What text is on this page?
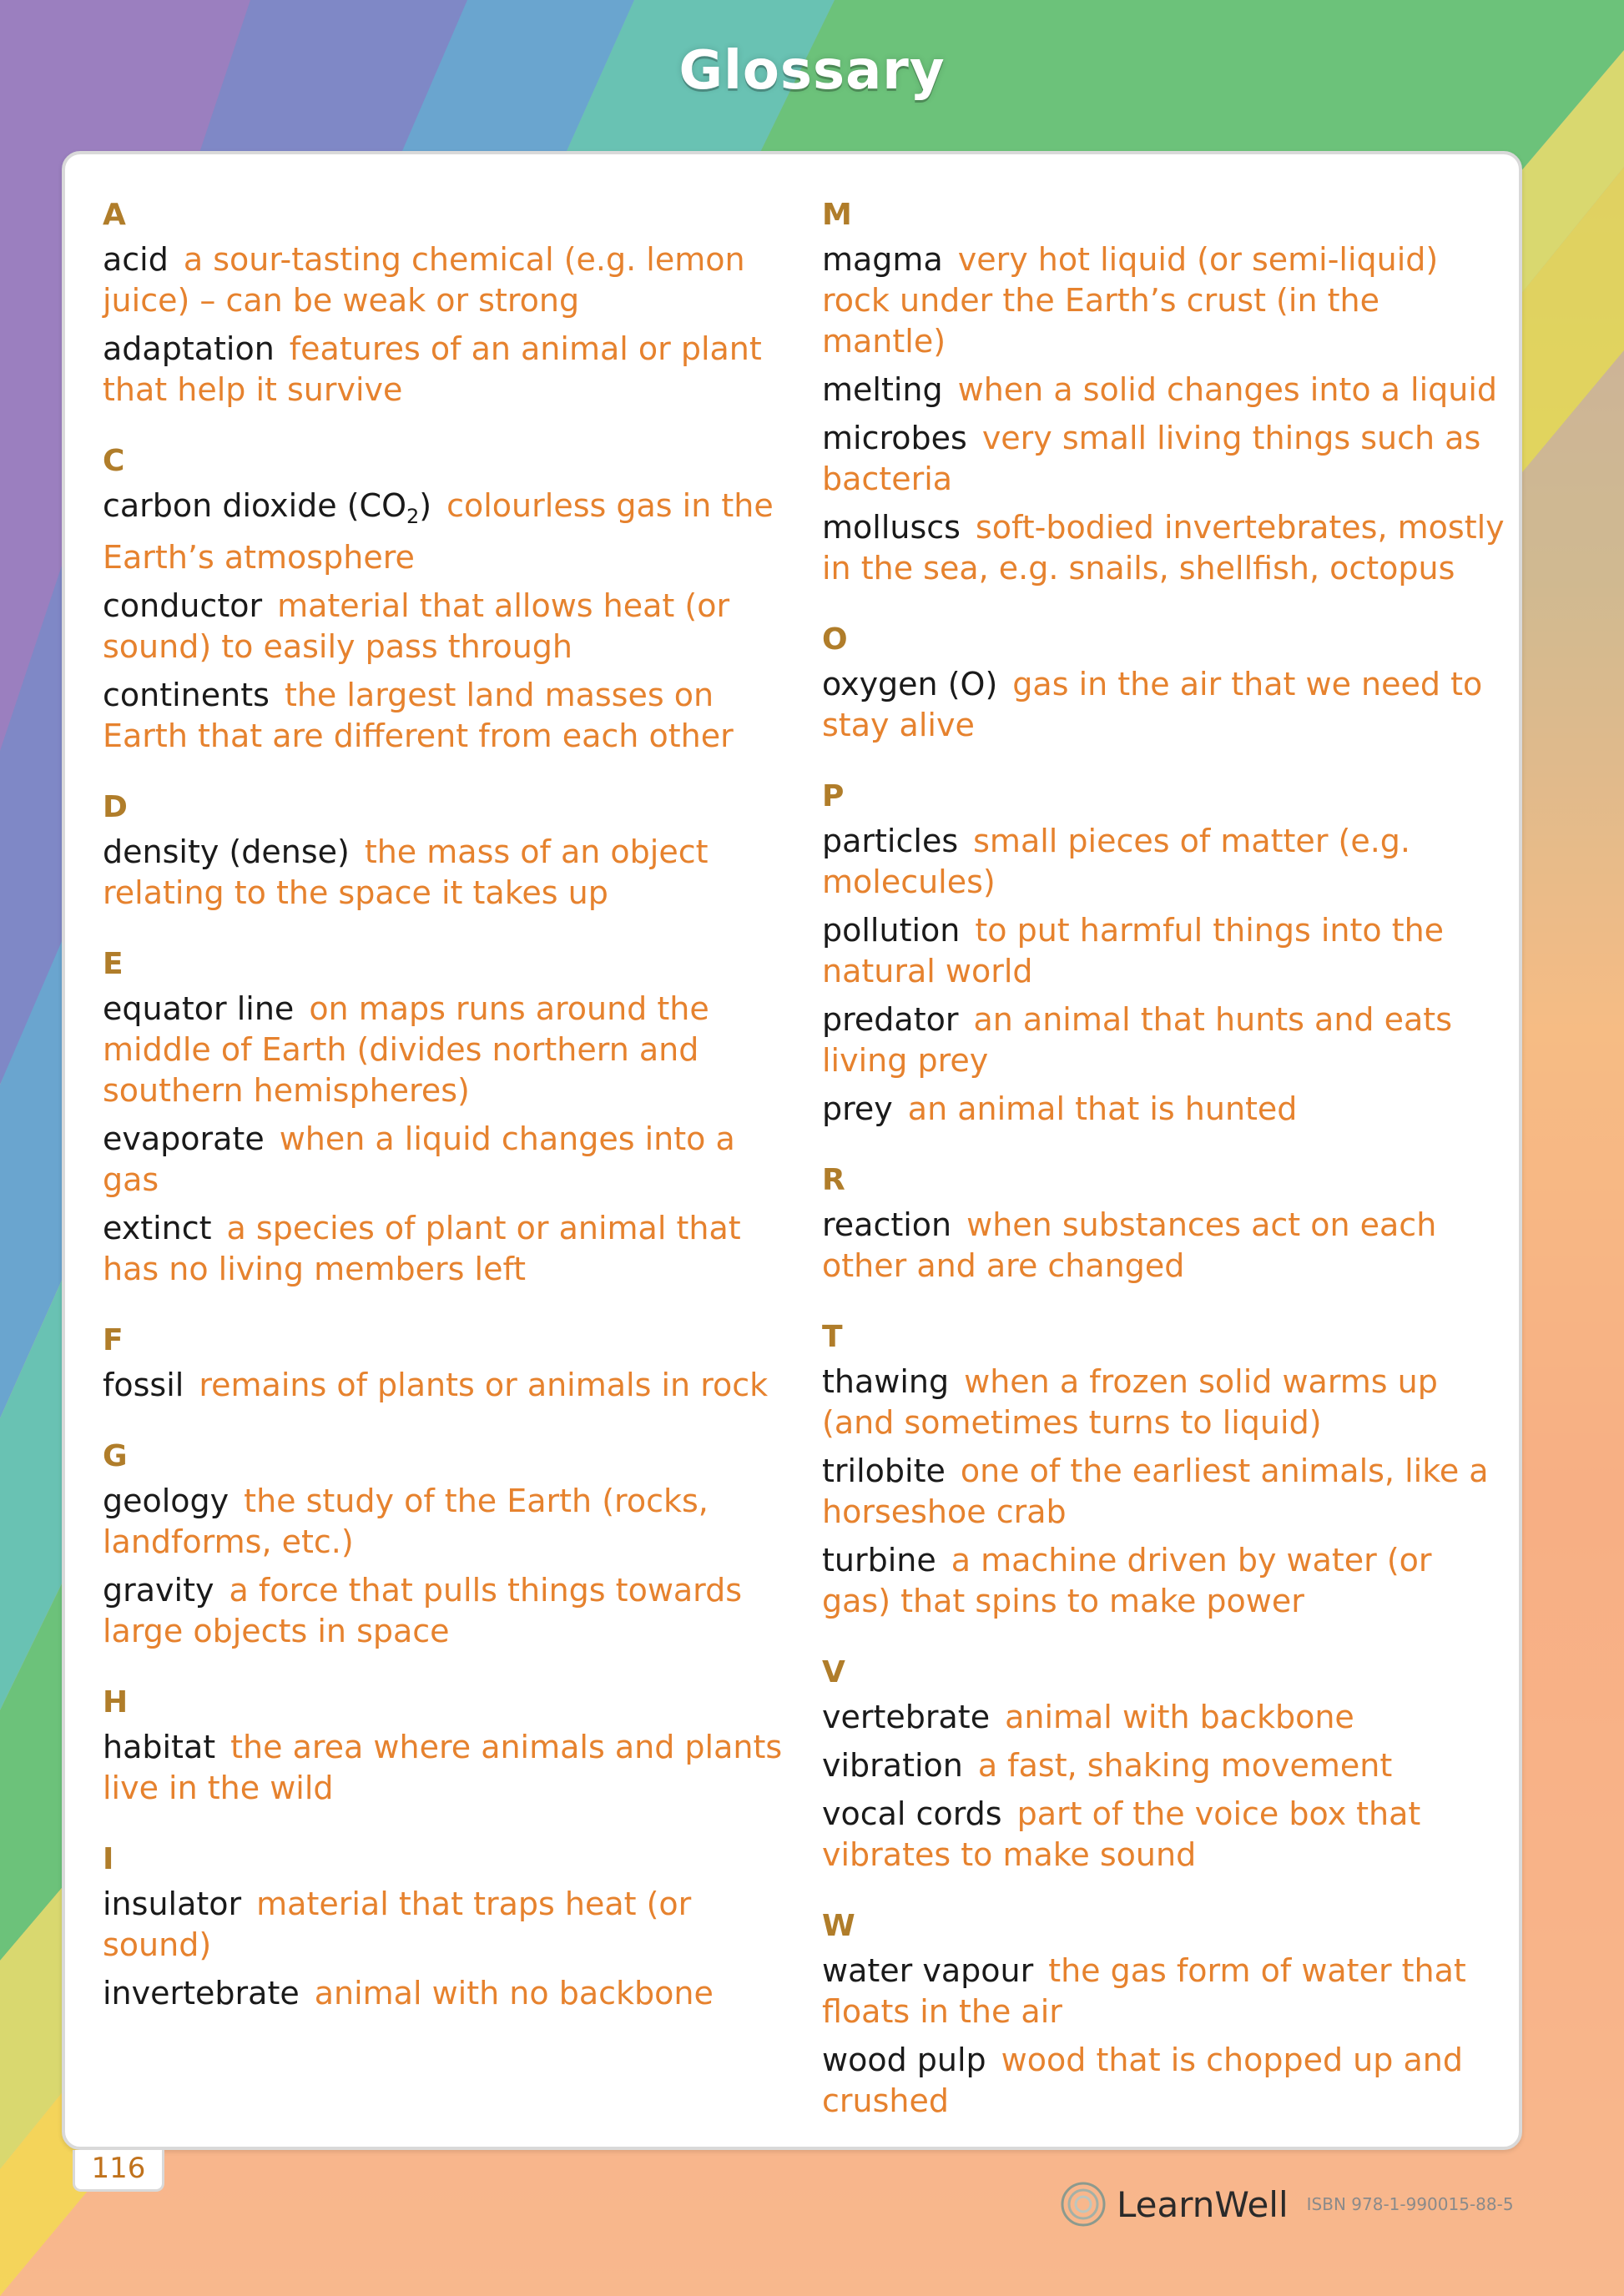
Glossary
A
acid a sour-tasting chemical (e.g. lemon juice) – can be weak or strong
adaptation features of an animal or plant that help it survive
C
carbon dioxide $(CO_2)$ colourless gas in the Earth’s atmosphere
conductor material that allows heat (or sound) to easily pass through
continents the largest land masses on Earth that are different from each other
D
density (dense) the mass of an object relating to the space it takes up
E
equator line on maps runs around the middle of Earth (divides northern and southern hemispheres)
evaporate when a liquid changes into a gas
extinct a species of plant or animal that has no living members left
F
fossil remains of plants or animals in rock
G
geology the study of the Earth (rocks, landforms, etc.)
gravity a force that pulls things towards large objects in space
H
habitat the area where animals and plants live in the wild
I
insulator material that traps heat (or sound)
invertebrate animal with no backbone
M
magma very hot liquid (or semi-liquid) rock under the Earth’s crust (in the mantle)
melting when a solid changes into a liquid
microbes very small living things such as bacteria
molluscs soft-bodied invertebrates, mostly in the sea, e.g. snails, shellfish, octopus
O
oxygen (O) gas in the air that we need to stay alive
P
particles small pieces of matter (e.g. molecules)
pollution to put harmful things into the natural world
predator an animal that hunts and eats living prey
prey an animal that is hunted
R
reaction when substances act on each other and are changed
T
thawing when a frozen solid warms up (and sometimes turns to liquid)
trilobite one of the earliest animals, like a horseshoe crab
turbine a machine driven by water (or gas) that spins to make power
V
vertebrate animal with backbone
vibration a fast, shaking movement
vocal cords part of the voice box that vibrates to make sound
W
water vapour the gas form of water that floats in the air
wood pulp wood that is chopped up and crushed
116
LearnWell ISBN 978-1-990015-88-5
